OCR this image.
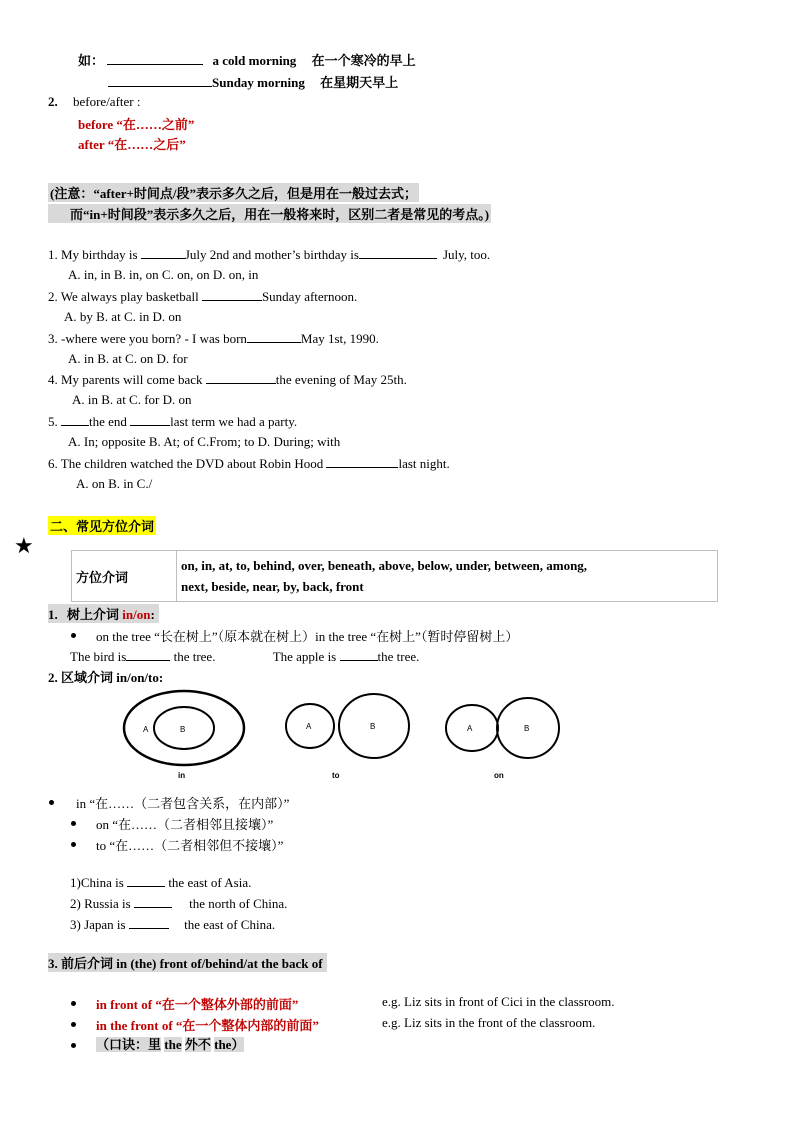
如：	a cold morning 在一个寒冷的早上
Sunday morning 在星期天早上
2. before/after :
before “在……之前”
after “在……之后”
(注意：“after+时间点/段”表示多久之后，但是用在一般过去式；
而“in+时间段”表示多久之后，用在一般将来时，区别二者是常见的考点。)
1. My birthday is	July 2nd and mother’s birthday is	July, too.
A. in, in B. in, on C. on, on D. on, in
2. We always play basketball	Sunday afternoon.
A. by B. at C. in D. on
3. -where were you born? - I was born	May 1st, 1990.
A. in B. at C. on D. for
4. My parents will come back	the evening of May 25th.
A. in B. at C. for D. on
5. the end	last term we had a party.
A. In; opposite B. At; of C.From; to D. During; with
6. The children watched the DVD about Robin Hood	last night.
A. on B. in C./
二、常见方位介词
★
方位介词	
on, in, at, to, behind, over, beneath, above, below, under, between, among,
next, beside, near, by, back, front
1. 树上介词 in/on:
on the tree “长在树上”（原本就在树上）in the tree “在树上”（暂时停留树上）
The bird is	the tree.	The apple is	the tree.
2. 区域介词 in/on/to:
A	B
in
A	B
to
A	B
on
in “在……（二者包含关系，在内部）”
on “在……（二者相邻且接壤）”
to “在……（二者相邻但不接壤）”
1)China is	the east of Asia.
2) Russia is	the north of China.
3) Japan is	the east of China.
3. 前后介词 in (the) front of/behind/at the back of
in front of “在一个整体外部的前面”	e.g. Liz sits in front of Cici in the classroom.
in the front of “在一个整体内部的前面”	e.g. Liz sits in the front of the classroom.
（口诀：里 the 外不 the）
